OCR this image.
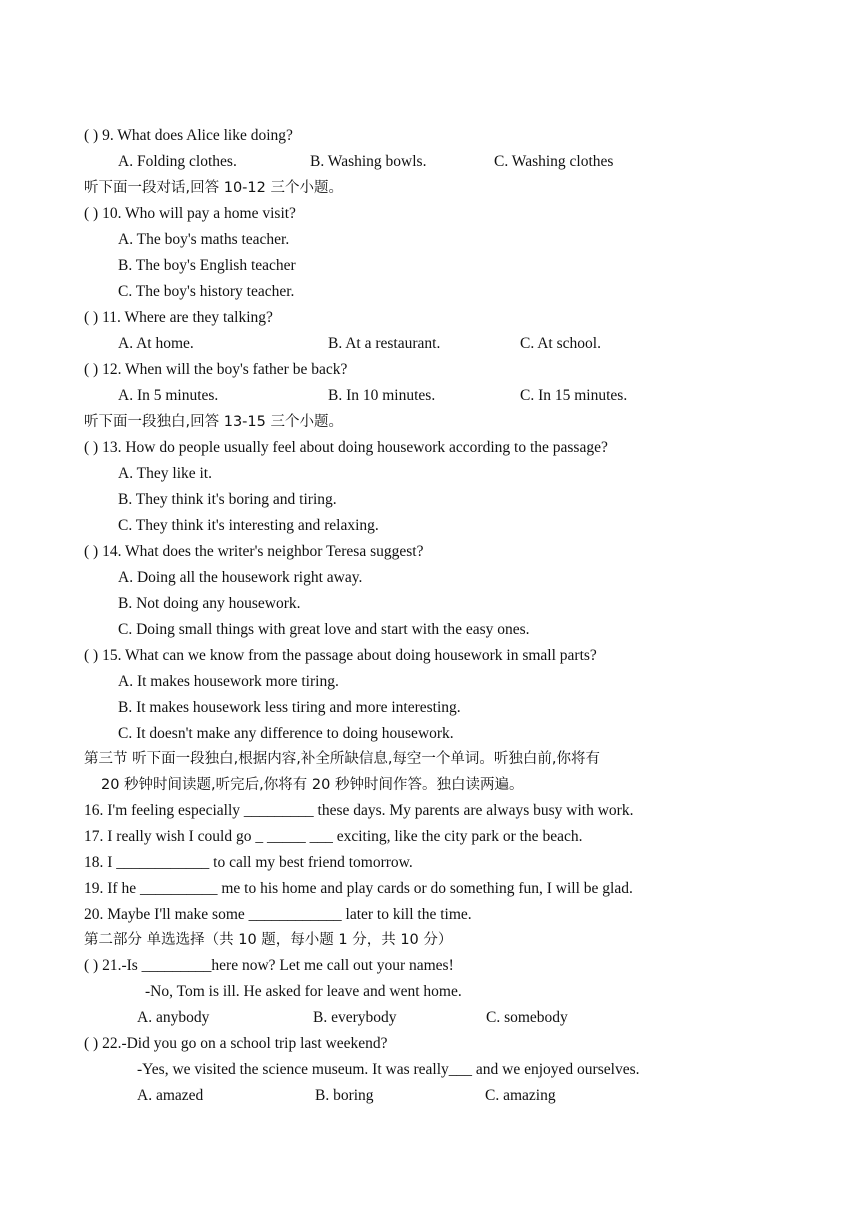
( ) 9. What does Alice like doing?
A. Folding clothes.	B. Washing bowls.	C. Washing clothes
听下面一段对话,回答 10-12 三个小题。
( ) 10. Who will pay a home visit?
A. The boy's maths teacher.
B. The boy's English teacher
C. The boy's history teacher.
( ) 11. Where are they talking?
A. At home.	B. At a restaurant.	C. At school.
( ) 12. When will the boy's father be back?
A. In 5 minutes.	B. In 10 minutes.	C. In 15 minutes.
听下面一段独白,回答 13-15 三个小题。
( ) 13. How do people usually feel about doing housework according to the passage?
A. They like it.
B. They think it's boring and tiring.
C. They think it's interesting and relaxing.
( ) 14. What does the writer's neighbor Teresa suggest?
A. Doing all the housework right away.
B. Not doing any housework.
C. Doing small things with great love and start with the easy ones.
( ) 15. What can we know from the passage about doing housework in small parts?
A. It makes housework more tiring.
B. It makes housework less tiring and more interesting.
C. It doesn't make any difference to doing housework.
第三节 听下面一段独白,根据内容,补全所缺信息,每空一个单词。听独白前,你将有
20 秒钟时间读题,听完后,你将有 20 秒钟时间作答。独白读两遍。
16. I'm feeling especially _________ these days. My parents are always busy with work.
17. I really wish I could go _ _____ ___ exciting, like the city park or the beach.
18. I ____________ to call my best friend tomorrow.
19. If he __________ me to his home and play cards or do something fun, I will be glad.
20. Maybe I'll make some ____________ later to kill the time.
第二部分 单选选择（共 10 题，每小题 1 分，共 10 分）
( ) 21.-Is _________here now? Let me call out your names!
-No, Tom is ill. He asked for leave and went home.
A. anybody	B. everybody	C. somebody
( ) 22.-Did you go on a school trip last weekend?
-Yes, we visited the science museum. It was really___ and we enjoyed ourselves.
A. amazed	B. boring	C. amazing
